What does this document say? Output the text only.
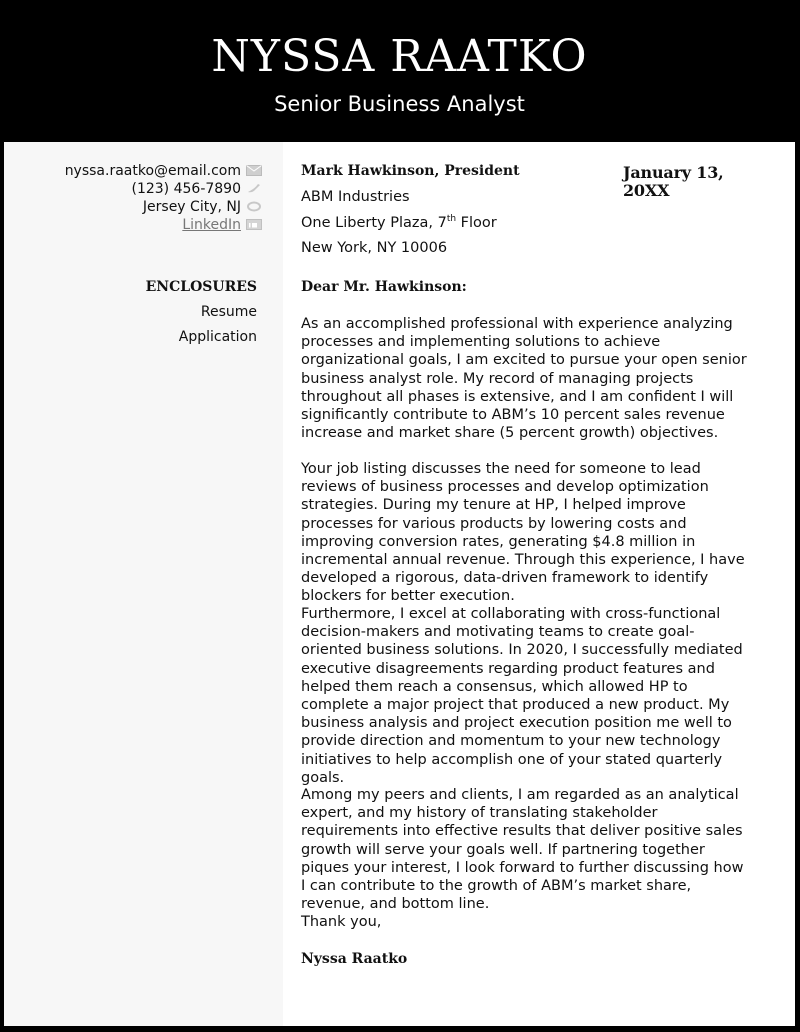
NYSSA RAATKO
Senior Business Analyst
nyssa.raatko@email.com
(123) 456-7890
Jersey City, NJ
LinkedIn
ENCLOSURES
Resume
Application
Mark Hawkinson, President	January 13, 20XX
ABM Industries
One Liberty Plaza, 7th Floor
New York, NY 10006
Dear Mr. Hawkinson:

As an accomplished professional with experience analyzing processes and implementing solutions to achieve organizational goals, I am excited to pursue your open senior business analyst role. My record of managing projects throughout all phases is extensive, and I am confident I will significantly contribute to ABM’s 10 percent sales revenue increase and market share (5 percent growth) objectives.

Your job listing discusses the need for someone to lead reviews of business processes and develop optimization strategies. During my tenure at HP, I helped improve processes for various products by lowering costs and improving conversion rates, generating $4.8 million in incremental annual revenue. Through this experience, I have developed a rigorous, data-driven framework to identify blockers for better execution.

Furthermore, I excel at collaborating with cross-functional decision-makers and motivating teams to create goal-oriented business solutions. In 2020, I successfully mediated executive disagreements regarding product features and helped them reach a consensus, which allowed HP to complete a major project that produced a new product. My business analysis and project execution position me well to provide direction and momentum to your new technology initiatives to help accomplish one of your stated quarterly goals.

Among my peers and clients, I am regarded as an analytical expert, and my history of translating stakeholder requirements into effective results that deliver positive sales growth will serve your goals well. If partnering together piques your interest, I look forward to further discussing how I can contribute to the growth of ABM’s market share, revenue, and bottom line.

Thank you,
Nyssa Raatko
